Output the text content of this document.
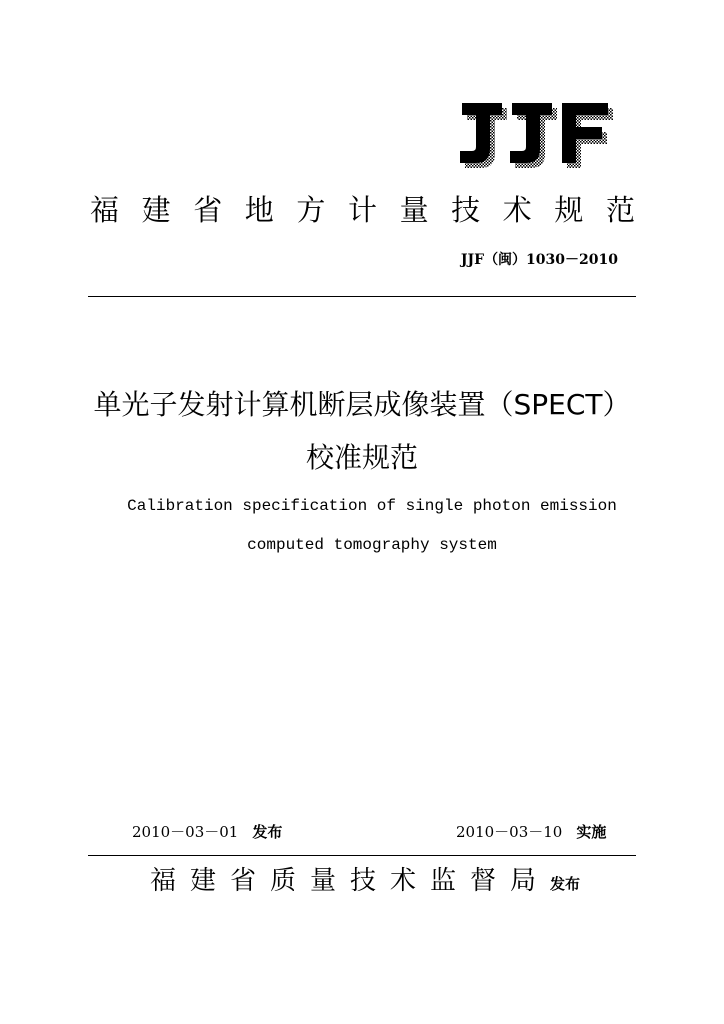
JJF
福 建 省 地 方 计 量 技 术 规 范
JJF（闽）1030－2010
单光子发射计算机断层成像装置（SPECT）
校准规范
Calibration specification of single photon emission
computed tomography system
2010－03－01 发布	2010－03－10 实施
福建省质量技术监督局 发布
